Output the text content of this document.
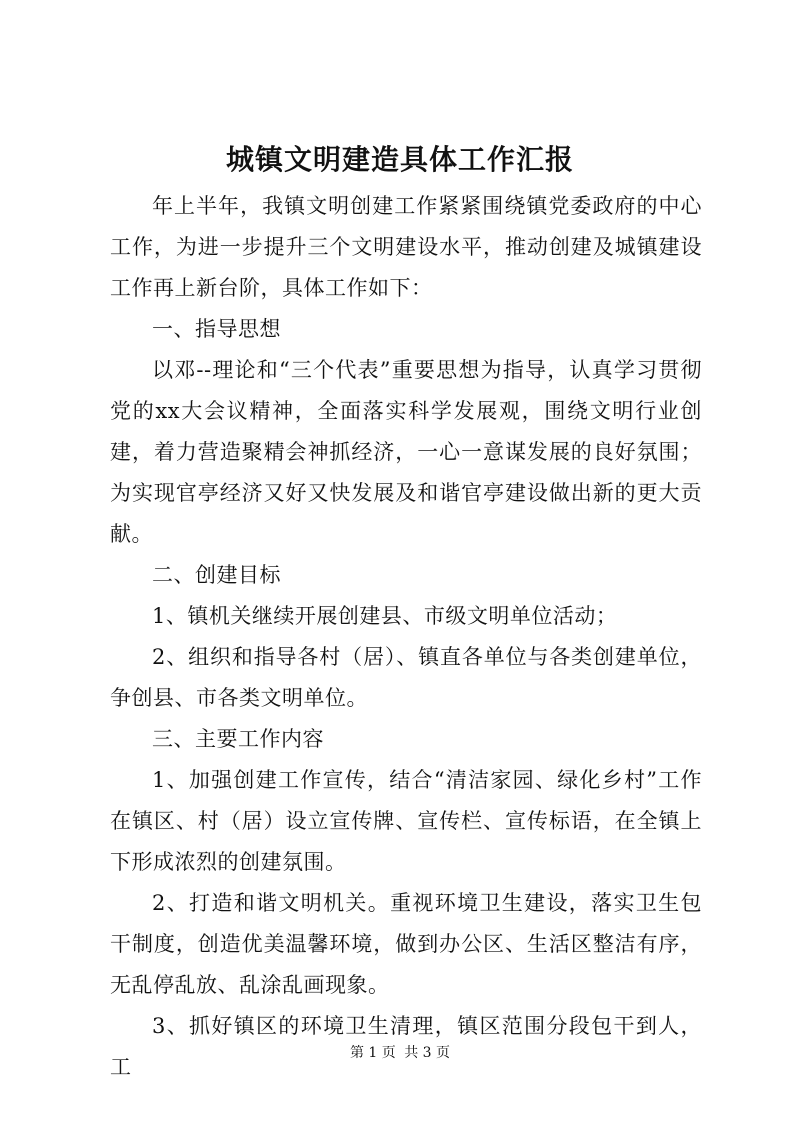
城镇文明建造具体工作汇报

年上半年，我镇文明创建工作紧紧围绕镇党委政府的中心工作，为进一步提升三个文明建设水平，推动创建及城镇建设工作再上新台阶，具体工作如下：

一、指导思想

以邓--理论和“三个代表”重要思想为指导，认真学习贯彻党的xx大会议精神，全面落实科学发展观，围绕文明行业创建，着力营造聚精会神抓经济，一心一意谋发展的良好氛围；为实现官亭经济又好又快发展及和谐官亭建设做出新的更大贡献。

二、创建目标

1、镇机关继续开展创建县、市级文明单位活动；

2、组织和指导各村（居）、镇直各单位与各类创建单位，争创县、市各类文明单位。

三、主要工作内容

1、加强创建工作宣传，结合“清洁家园、绿化乡村”工作在镇区、村（居）设立宣传牌、宣传栏、宣传标语，在全镇上下形成浓烈的创建氛围。

2、打造和谐文明机关。重视环境卫生建设，落实卫生包干制度，创造优美温馨环境，做到办公区、生活区整洁有序，无乱停乱放、乱涂乱画现象。

3、抓好镇区的环境卫生清理，镇区范围分段包干到人，工

第 1 页 共 3 页
